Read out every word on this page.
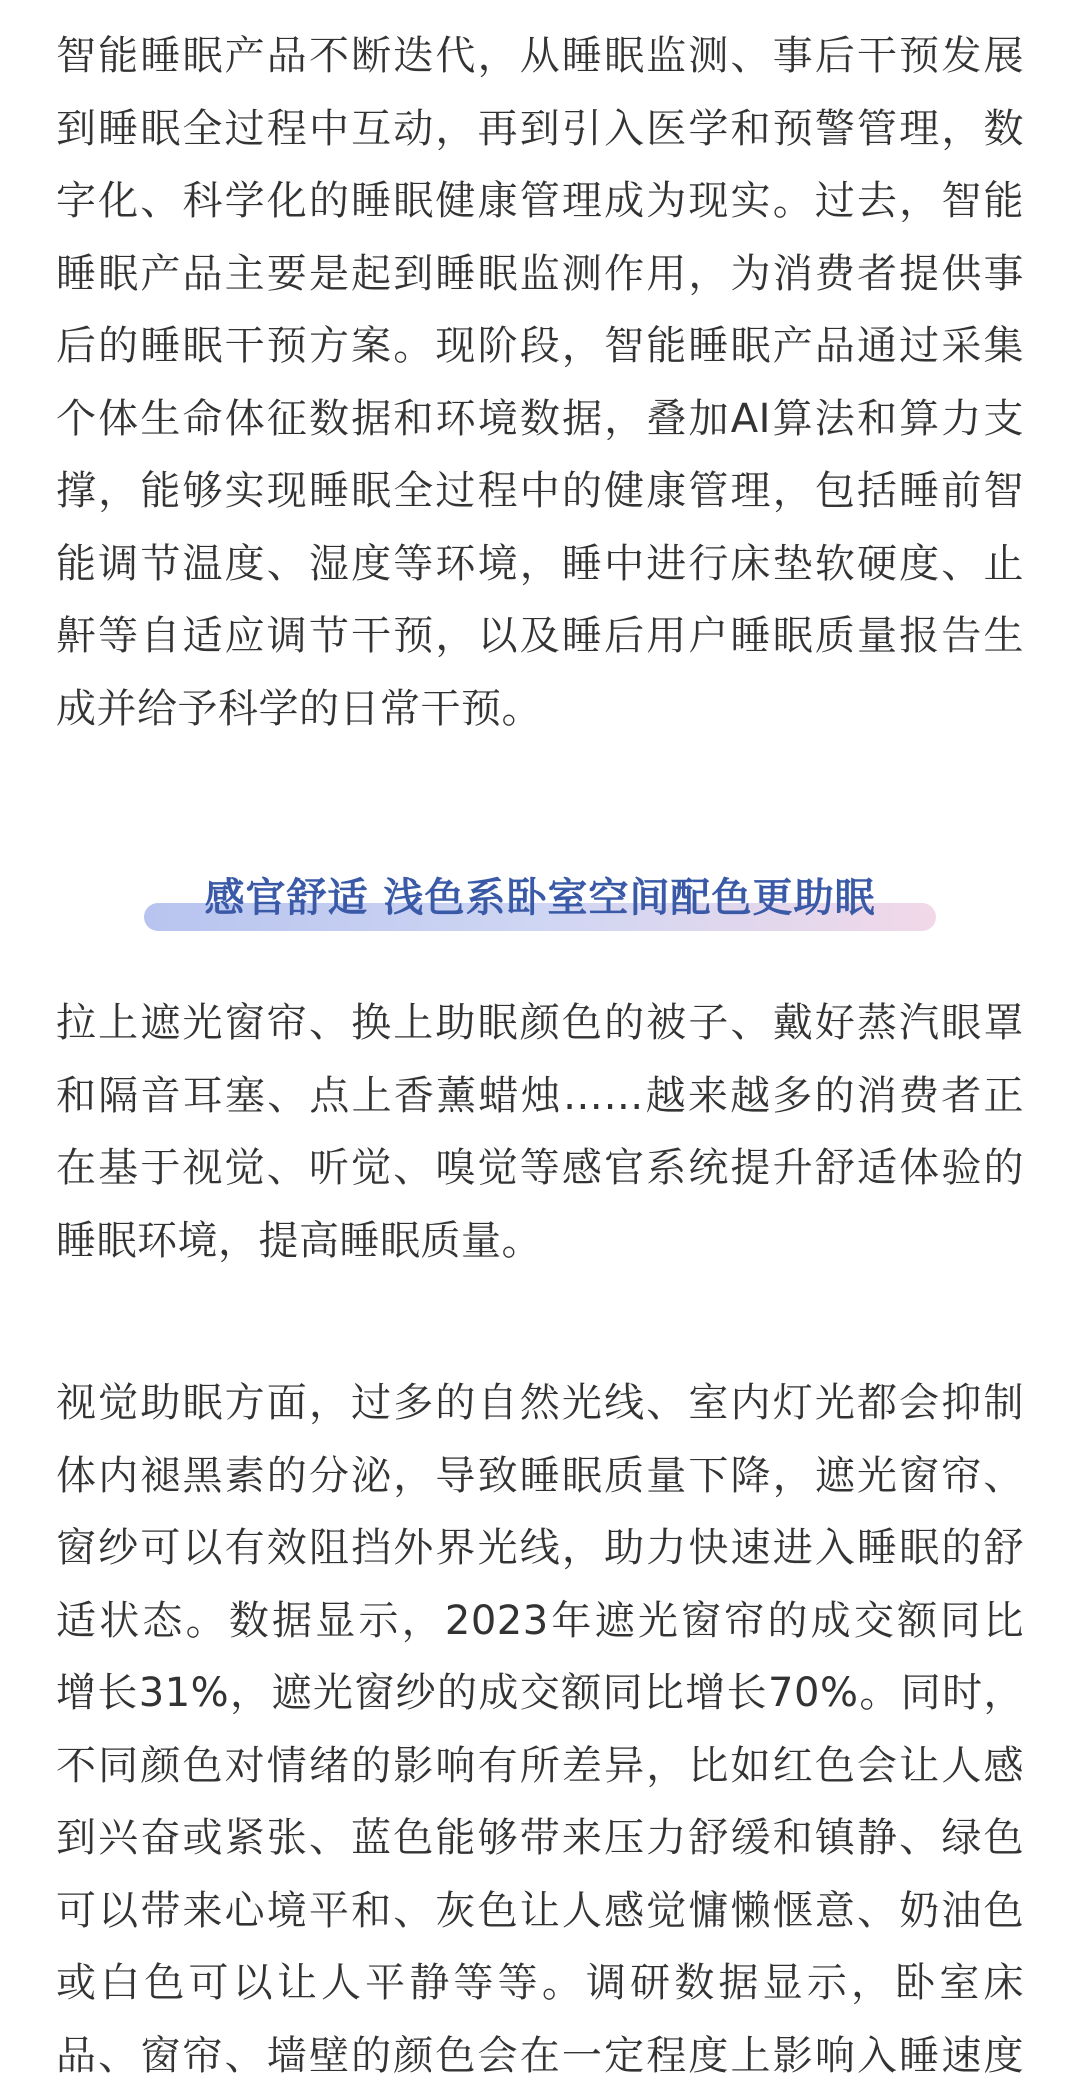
智能睡眠产品不断迭代，从睡眠监测、事后干预发展
到睡眠全过程中互动，再到引入医学和预警管理，数
字化、科学化的睡眠健康管理成为现实。过去，智能
睡眠产品主要是起到睡眠监测作用，为消费者提供事
后的睡眠干预方案。现阶段，智能睡眠产品通过采集
个体生命体征数据和环境数据，叠加AI算法和算力支
撑，能够实现睡眠全过程中的健康管理，包括睡前智
能调节温度、湿度等环境，睡中进行床垫软硬度、止
鼾等自适应调节干预，以及睡后用户睡眠质量报告生
成并给予科学的日常干预。

感官舒适 浅色系卧室空间配色更助眠

拉上遮光窗帘、换上助眠颜色的被子、戴好蒸汽眼罩
和隔音耳塞、点上香薰蜡烛……越来越多的消费者正
在基于视觉、听觉、嗅觉等感官系统提升舒适体验的
睡眠环境，提高睡眠质量。

视觉助眠方面，过多的自然光线、室内灯光都会抑制
体内褪黑素的分泌，导致睡眠质量下降，遮光窗帘、
窗纱可以有效阻挡外界光线，助力快速进入睡眠的舒
适状态。数据显示，2023年遮光窗帘的成交额同比
增长31%，遮光窗纱的成交额同比增长70%。同时，
不同颜色对情绪的影响有所差异，比如红色会让人感
到兴奋或紧张、蓝色能够带来压力舒缓和镇静、绿色
可以带来心境平和、灰色让人感觉慵懒惬意、奶油色
或白色可以让人平静等等。调研数据显示，卧室床
品、窗帘、墙壁的颜色会在一定程度上影响入睡速度
